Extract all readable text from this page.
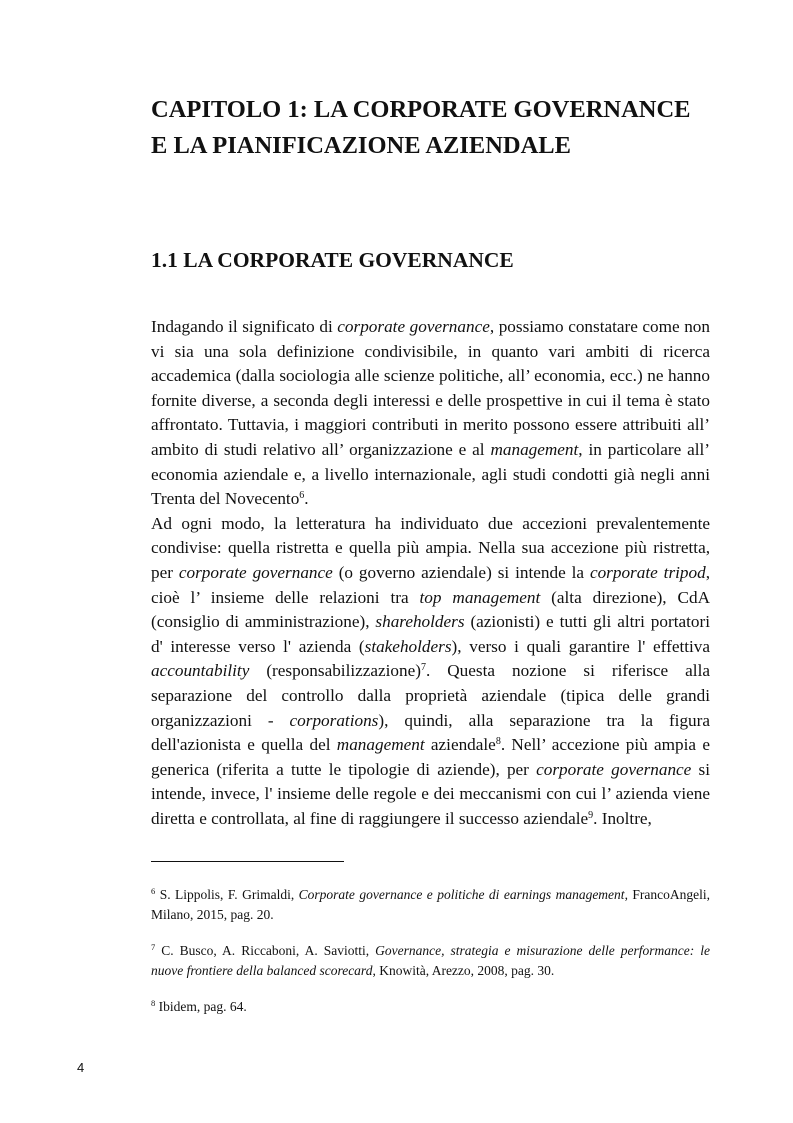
CAPITOLO 1: LA CORPORATE GOVERNANCE E LA PIANIFICAZIONE AZIENDALE
1.1 LA CORPORATE GOVERNANCE

Indagando il significato di corporate governance, possiamo constatare come non vi sia una sola definizione condivisibile, in quanto vari ambiti di ricerca accademica (dalla sociologia alle scienze politiche, all’ economia, ecc.) ne hanno fornite diverse, a seconda degli interessi e delle prospettive in cui il tema è stato affrontato. Tuttavia, i maggiori contributi in merito possono essere attribuiti all’ ambito di studi relativo all’ organizzazione e al management, in particolare all’ economia aziendale e, a livello internazionale, agli studi condotti già negli anni Trenta del Novecento$^6$.

Ad ogni modo, la letteratura ha individuato due accezioni prevalentemente condivise: quella ristretta e quella più ampia. Nella sua accezione più ristretta, per corporate governance (o governo aziendale) si intende la corporate tripod, cioè l’ insieme delle relazioni tra top management (alta direzione), CdA (consiglio di amministrazione), shareholders (azionisti) e tutti gli altri portatori d' interesse verso l' azienda (stakeholders), verso i quali garantire l' effettiva accountability (responsabilizzazione)$^7$. Questa nozione si riferisce alla separazione del controllo dalla proprietà aziendale (tipica delle grandi organizzazioni - corporations), quindi, alla separazione tra la figura dell'azionista e quella del management aziendale$^8$. Nell’ accezione più ampia e generica (riferita a tutte le tipologie di aziende), per corporate governance si intende, invece, l' insieme delle regole e dei meccanismi con cui l’ azienda viene diretta e controllata, al fine di raggiungere il successo aziendale$^9$. Inoltre,

$^6$ S. Lippolis, F. Grimaldi, Corporate governance e politiche di earnings management, FrancoAngeli, Milano, 2015, pag. 20.

$^7$ C. Busco, A. Riccaboni, A. Saviotti, Governance, strategia e misurazione delle performance: le nuove frontiere della balanced scorecard, Knowità, Arezzo, 2008, pag. 30.

$^8$ Ibidem, pag. 64.

4
